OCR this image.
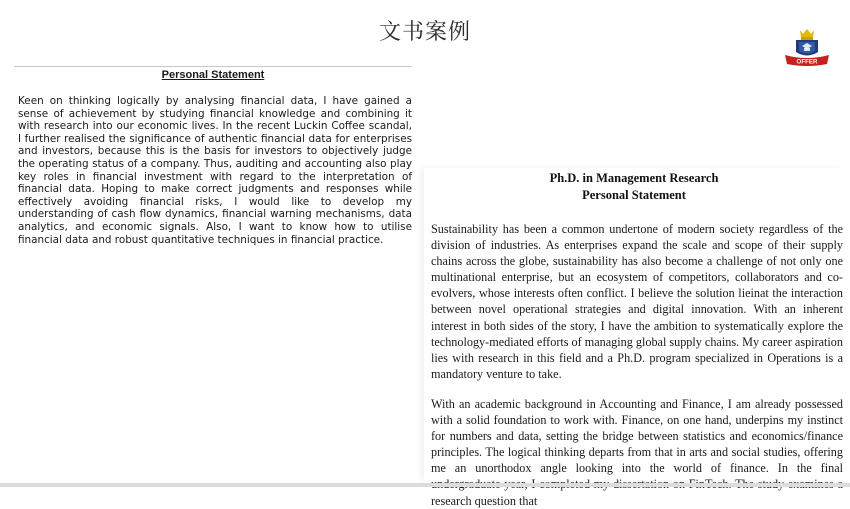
文书案例
OFFER
Personal Statement

Keen on thinking logically by analysing financial data, I have gained a sense of achievement by studying financial knowledge and combining it with research into our economic lives. In the recent Luckin Coffee scandal, I further realised the significance of authentic financial data for enterprises and investors, because this is the basis for investors to objectively judge the operating status of a company. Thus, auditing and accounting also play key roles in financial investment with regard to the interpretation of financial data. Hoping to make correct judgments and responses while effectively avoiding financial risks, I would like to develop my understanding of cash flow dynamics, financial warning mechanisms, data analytics, and economic signals. Also, I want to know how to utilise financial data and robust quantitative techniques in financial practice.

Ph.D. in Management Research
Personal Statement

Sustainability has been a common undertone of modern society regardless of the division of industries. As enterprises expand the scale and scope of their supply chains across the globe, sustainability has also become a challenge of not only one multinational enterprise, but an ecosystem of competitors, collaborators and co-evolvers, whose interests often conflict. I believe the solution lieinat the interaction between novel operational strategies and digital innovation. With an inherent interest in both sides of the story, I have the ambition to systematically explore the technology-mediated efforts of managing global supply chains. My career aspiration lies with research in this field and a Ph.D. program specialized in Operations is a mandatory venture to take.

With an academic background in Accounting and Finance, I am already possessed with a solid foundation to work with. Finance, on one hand, underpins my instinct for numbers and data, setting the bridge between statistics and economics/finance principles. The logical thinking departs from that in arts and social studies, offering me an unorthodox angle looking into the world of finance. In the final research question that
